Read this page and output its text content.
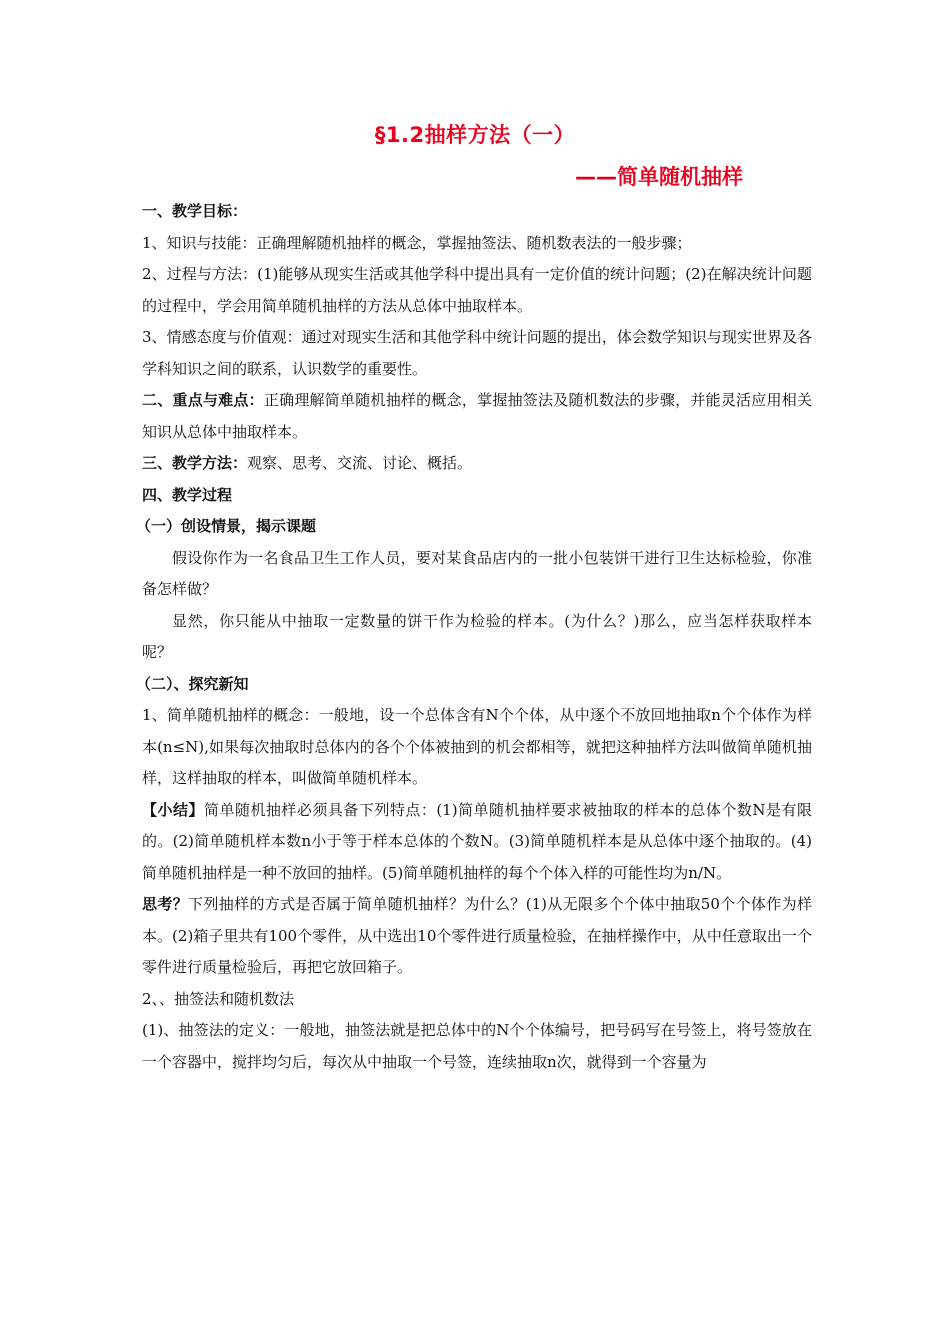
§1.2抽样方法（一）
——简单随机抽样

一、教学目标：

1、知识与技能：正确理解随机抽样的概念，掌握抽签法、随机数表法的一般步骤；

2、过程与方法：(1)能够从现实生活或其他学科中提出具有一定价值的统计问题；(2)在解决统计问题的过程中，学会用简单随机抽样的方法从总体中抽取样本。

3、情感态度与价值观：通过对现实生活和其他学科中统计问题的提出，体会数学知识与现实世界及各学科知识之间的联系，认识数学的重要性。

二、重点与难点：正确理解简单随机抽样的概念，掌握抽签法及随机数法的步骤，并能灵活应用相关知识从总体中抽取样本。

三、教学方法：观察、思考、交流、讨论、概括。

四、教学过程

（一）创设情景，揭示课题

假设你作为一名食品卫生工作人员，要对某食品店内的一批小包装饼干进行卫生达标检验，你准备怎样做？

显然，你只能从中抽取一定数量的饼干作为检验的样本。(为什么？)那么，应当怎样获取样本呢？

（二）、探究新知

1、简单随机抽样的概念：一般地，设一个总体含有N个个体，从中逐个不放回地抽取n个个体作为样本(n≤N),如果每次抽取时总体内的各个个体被抽到的机会都相等，就把这种抽样方法叫做简单随机抽样，这样抽取的样本，叫做简单随机样本。

【小结】简单随机抽样必须具备下列特点：(1)简单随机抽样要求被抽取的样本的总体个数N是有限的。(2)简单随机样本数n小于等于样本总体的个数N。(3)简单随机样本是从总体中逐个抽取的。(4)简单随机抽样是一种不放回的抽样。(5)简单随机抽样的每个个体入样的可能性均为n/N。

思考？下列抽样的方式是否属于简单随机抽样？为什么？(1)从无限多个个体中抽取50个个体作为样本。(2)箱子里共有100个零件，从中选出10个零件进行质量检验，在抽样操作中，从中任意取出一个零件进行质量检验后，再把它放回箱子。

2、、抽签法和随机数法

(1)、抽签法的定义：一般地，抽签法就是把总体中的N个个体编号，把号码写在号签上，将号签放在一个容器中，搅拌均匀后，每次从中抽取一个号签，连续抽取n次，就得到一个容量为
